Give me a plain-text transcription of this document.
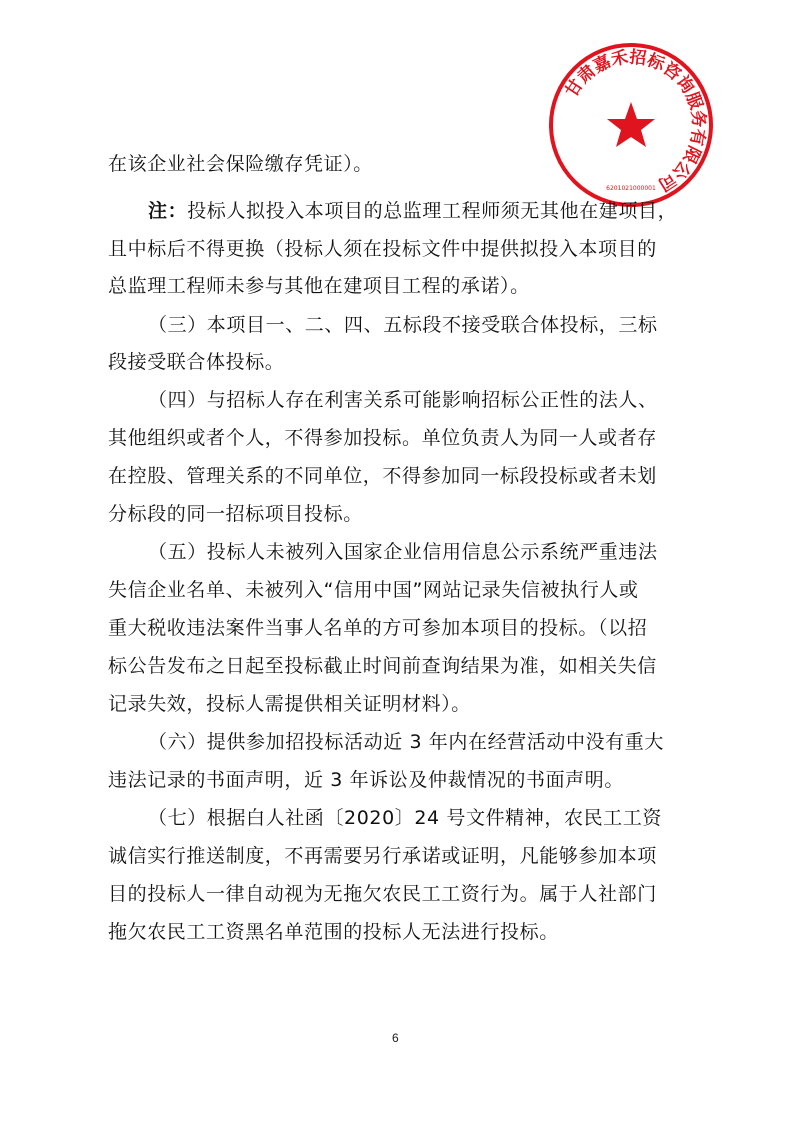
甘肃嘉禾招标咨询服务有限公司
6201021000001
在该企业社会保险缴存凭证）。
注：投标人拟投入本项目的总监理工程师须无其他在建项目，
且中标后不得更换（投标人须在投标文件中提供拟投入本项目的
总监理工程师未参与其他在建项目工程的承诺）。
（三）本项目一、二、四、五标段不接受联合体投标，三标
段接受联合体投标。
（四）与招标人存在利害关系可能影响招标公正性的法人、
其他组织或者个人，不得参加投标。单位负责人为同一人或者存
在控股、管理关系的不同单位，不得参加同一标段投标或者未划
分标段的同一招标项目投标。
（五）投标人未被列入国家企业信用信息公示系统严重违法
失信企业名单、未被列入“信用中国”网站记录失信被执行人或
重大税收违法案件当事人名单的方可参加本项目的投标。（以招
标公告发布之日起至投标截止时间前查询结果为准，如相关失信
记录失效，投标人需提供相关证明材料）。
（六）提供参加招投标活动近 3 年内在经营活动中没有重大
违法记录的书面声明，近 3 年诉讼及仲裁情况的书面声明。
（七）根据白人社函〔2020〕24 号文件精神，农民工工资
诚信实行推送制度，不再需要另行承诺或证明，凡能够参加本项
目的投标人一律自动视为无拖欠农民工工资行为。属于人社部门
拖欠农民工工资黑名单范围的投标人无法进行投标。
6
